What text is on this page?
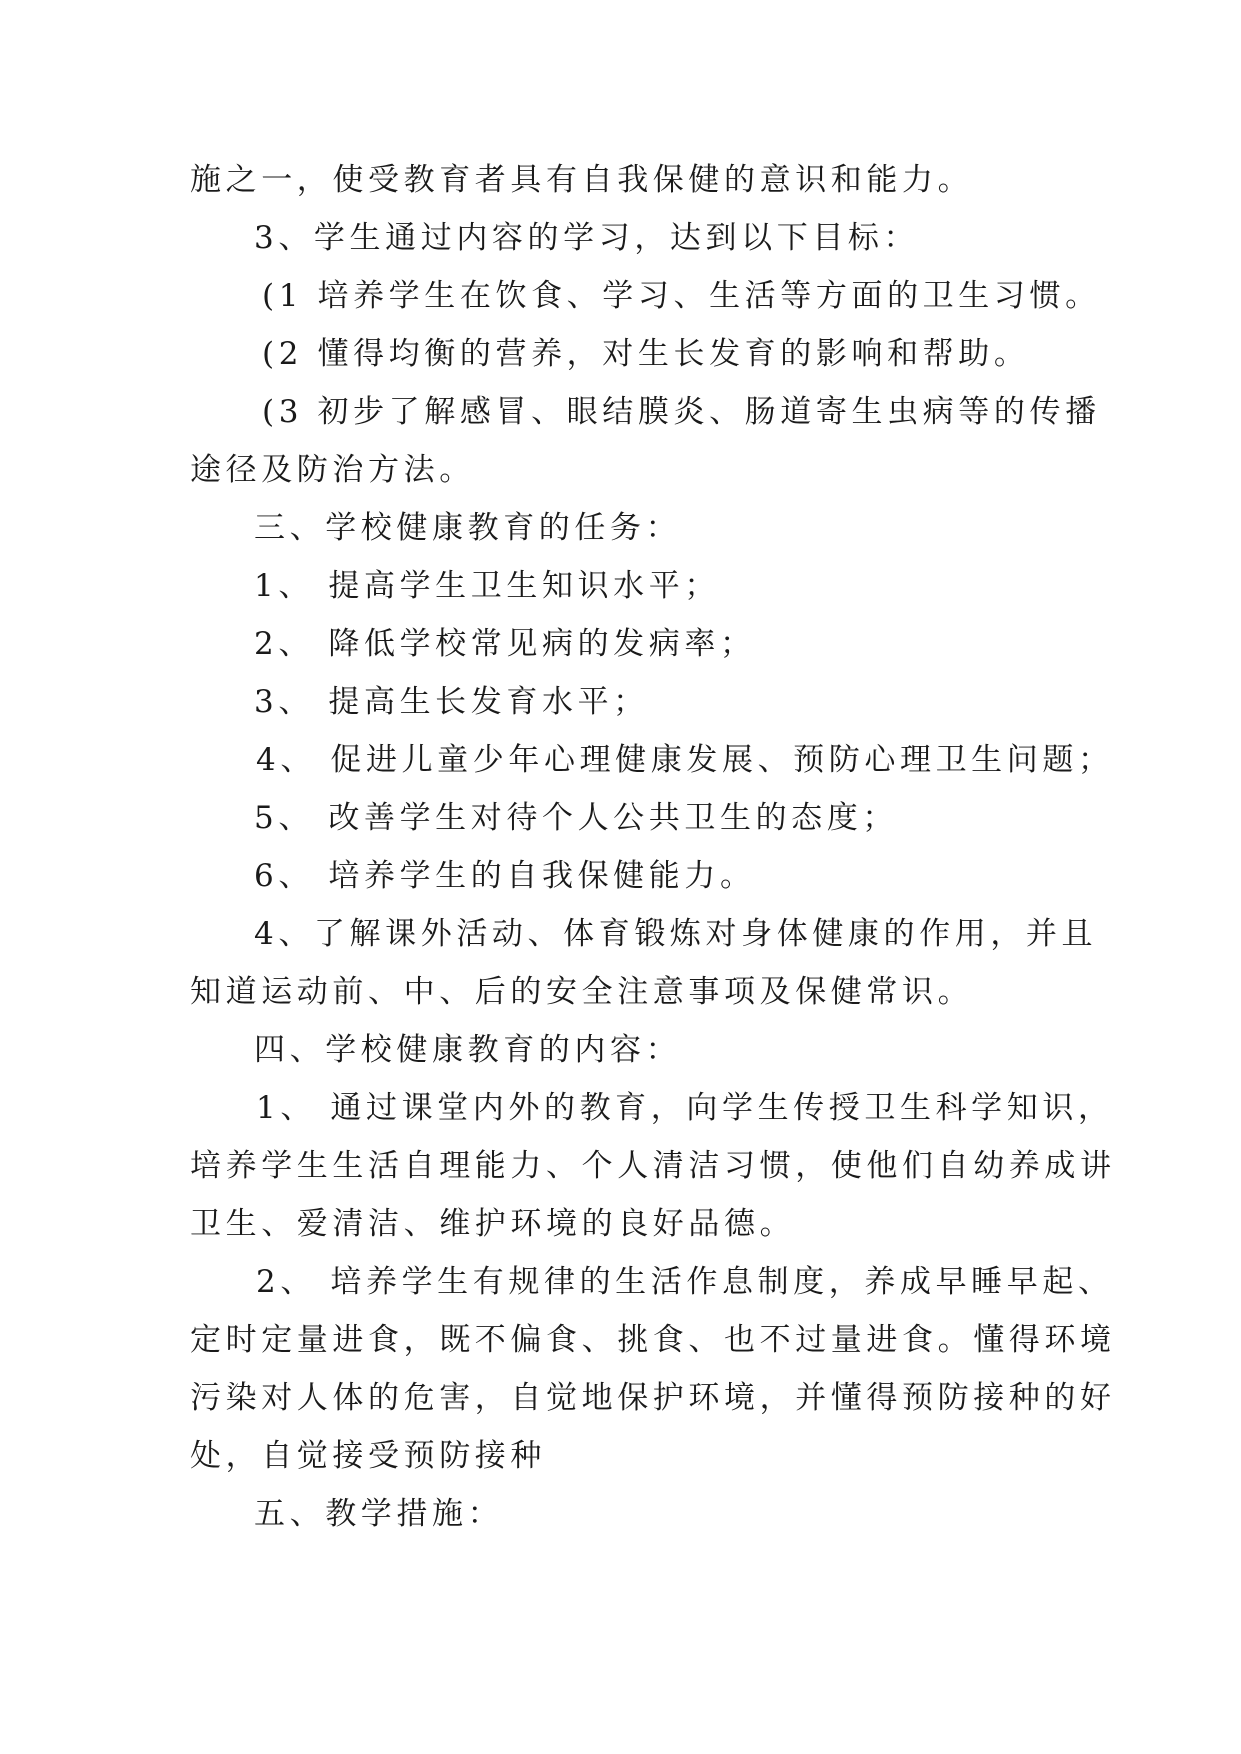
施之一，使受教育者具有自我保健的意识和能力。
3、学生通过内容的学习，达到以下目标：
(1 培养学生在饮食、学习、生活等方面的卫生习惯。
(2 懂得均衡的营养，对生长发育的影响和帮助。
(3 初步了解感冒、眼结膜炎、肠道寄生虫病等的传播
途径及防治方法。
三、学校健康教育的任务：
1、 提高学生卫生知识水平；
2、 降低学校常见病的发病率；
3、 提高生长发育水平；
4、 促进儿童少年心理健康发展、预防心理卫生问题；
5、 改善学生对待个人公共卫生的态度；
6、 培养学生的自我保健能力。
4、了解课外活动、体育锻炼对身体健康的作用，并且
知道运动前、中、后的安全注意事项及保健常识。
四、学校健康教育的内容：
1、 通过课堂内外的教育，向学生传授卫生科学知识，
培养学生生活自理能力、个人清洁习惯，使他们自幼养成讲
卫生、爱清洁、维护环境的良好品德。
2、 培养学生有规律的生活作息制度，养成早睡早起、
定时定量进食，既不偏食、挑食、也不过量进食。懂得环境
污染对人体的危害，自觉地保护环境，并懂得预防接种的好
处，自觉接受预防接种
五、教学措施：
